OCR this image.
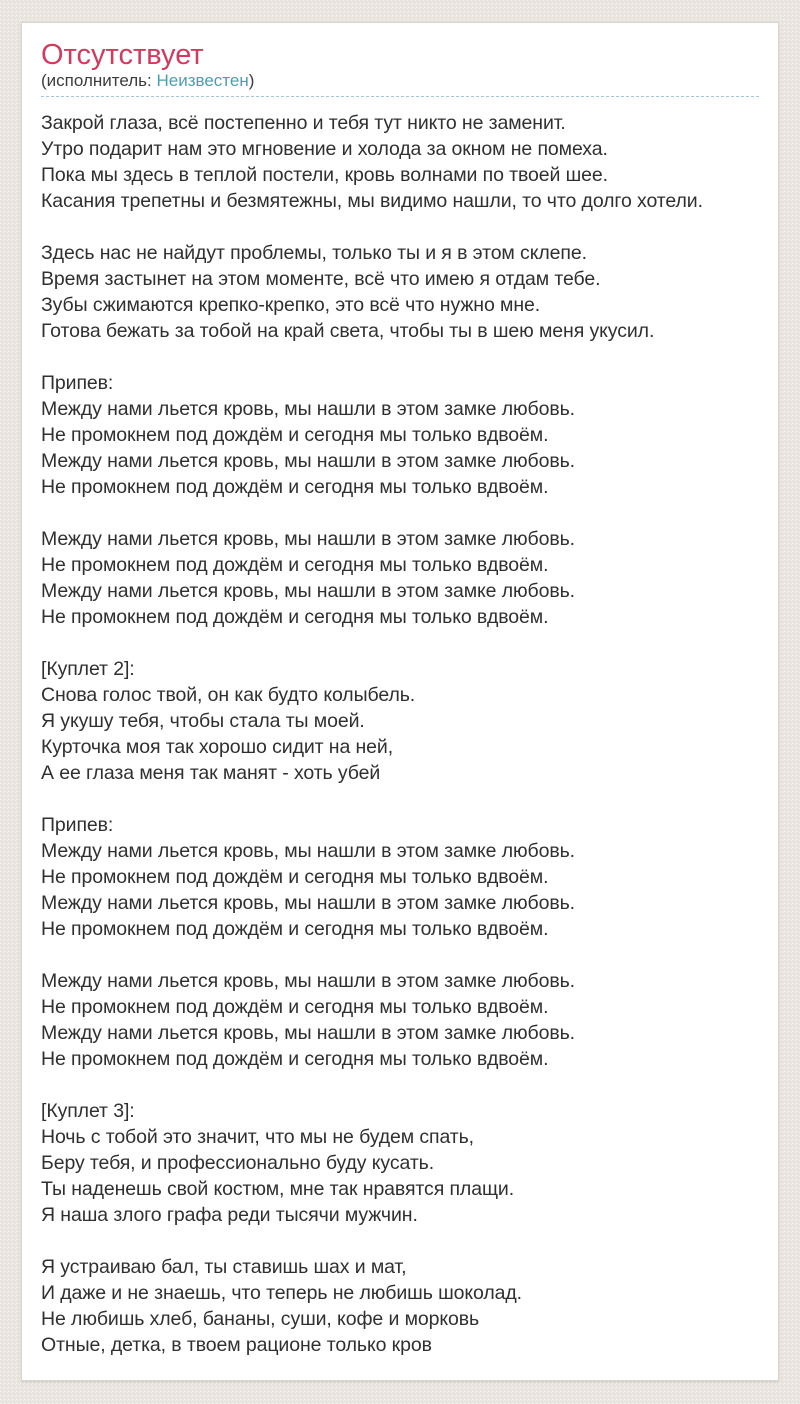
Отсутствует
(исполнитель: Неизвестен)
Закрой глаза, всё постепенно и тебя тут никто не заменит.
Утро подарит нам это мгновение и холода за окном не помеха.
Пока мы здесь в теплой постели, кровь волнами по твоей шее.
Касания трепетны и безмятежны, мы видимо нашли, то что долго хотели.
Здесь нас не найдут проблемы, только ты и я в этом склепе.
Время застынет на этом моменте, всё что имею я отдам тебе.
Зубы сжимаются крепко-крепко, это всё что нужно мне.
Готова бежать за тобой на край света, чтобы ты в шею меня укусил.
Припев:
Между нами льется кровь, мы нашли в этом замке любовь.
Не промокнем под дождём и сегодня мы только вдвоём.
Между нами льется кровь, мы нашли в этом замке любовь.
Не промокнем под дождём и сегодня мы только вдвоём.
Между нами льется кровь, мы нашли в этом замке любовь.
Не промокнем под дождём и сегодня мы только вдвоём.
Между нами льется кровь, мы нашли в этом замке любовь.
Не промокнем под дождём и сегодня мы только вдвоём.
[Куплет 2]:
Снова голос твой, он как будто колыбель.
Я укушу тебя, чтобы стала ты моей.
Курточка моя так хорошо сидит на ней,
А ее глаза меня так манят - хоть убей
Припев:
Между нами льется кровь, мы нашли в этом замке любовь.
Не промокнем под дождём и сегодня мы только вдвоём.
Между нами льется кровь, мы нашли в этом замке любовь.
Не промокнем под дождём и сегодня мы только вдвоём.
Между нами льется кровь, мы нашли в этом замке любовь.
Не промокнем под дождём и сегодня мы только вдвоём.
Между нами льется кровь, мы нашли в этом замке любовь.
Не промокнем под дождём и сегодня мы только вдвоём.
[Куплет 3]:
Ночь с тобой это значит, что мы не будем спать,
Беру тебя, и профессионально буду кусать.
Ты наденешь свой костюм, мне так нравятся плащи.
Я наша злого графа реди тысячи мужчин.
Я устраиваю бал, ты ставишь шах и мат,
И даже и не знаешь, что теперь не любишь шоколад.
Не любишь хлеб, бананы, суши, кофе и морковь
Отные, детка, в твоем рационе только кров
